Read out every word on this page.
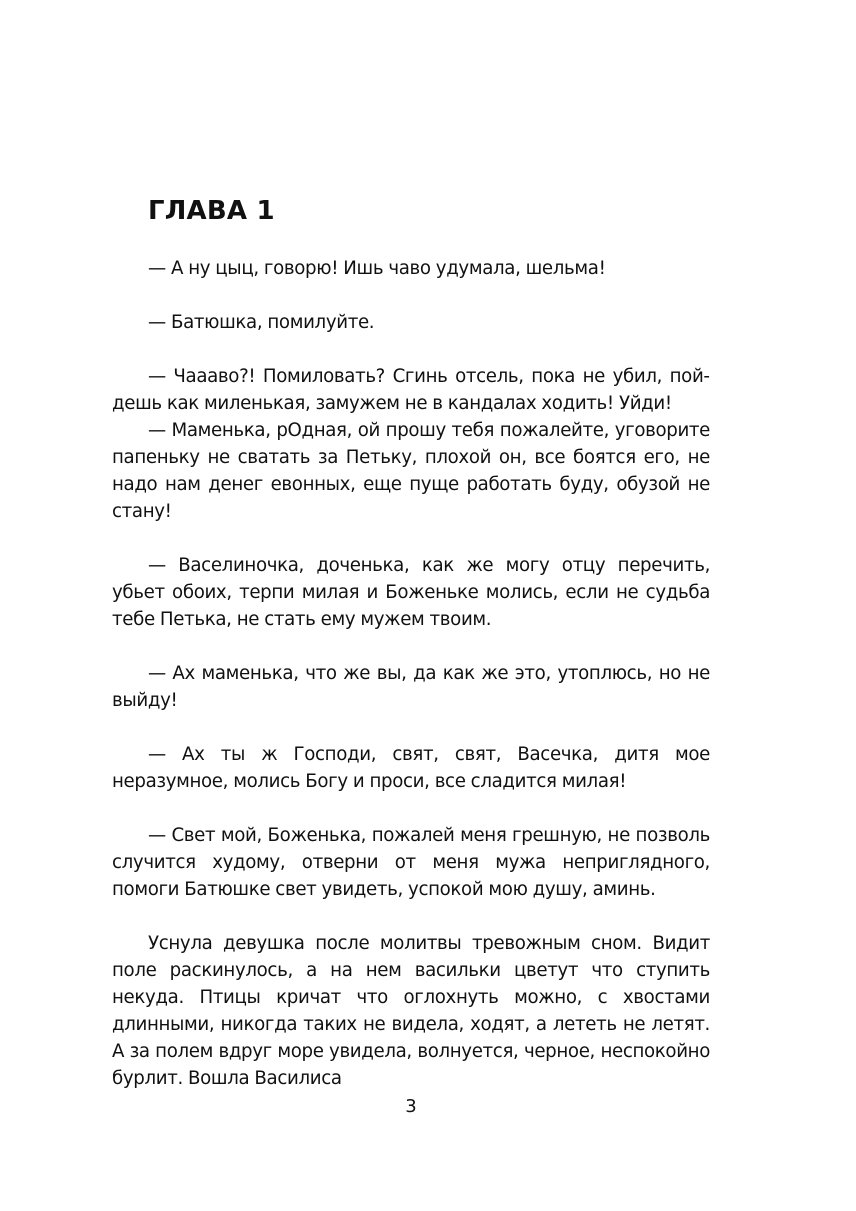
ГЛАВА 1

— А ну цыц, говорю! Ишь чаво удумала, шельма!

— Батюшка, помилуйте.

— Чаааво?! Помиловать? Сгинь отсель, пока не убил, пойдешь как миленькая, замужем не в кандалах ходить! Уйди!

— Маменька, рОдная, ой прошу тебя пожалейте, уговорите папеньку не сватать за Петьку, плохой он, все боятся его, не надо нам денег евонных, еще пуще работать буду, обузой не стану!

— Васелиночка, доченька, как же могу отцу перечить, убьет обоих, терпи милая и Боженьке молись, если не судьба тебе Петька, не стать ему мужем твоим.

— Ах маменька, что же вы, да как же это, утоплюсь, но не выйду!

— Ах ты ж Господи, свят, свят, Васечка, дитя мое неразумное, молись Богу и проси, все сладится милая!

— Свет мой, Боженька, пожалей меня грешную, не позволь случится худому, отверни от меня мужа неприглядного, помоги Батюшке свет увидеть, успокой мою душу, аминь.

Уснула девушка после молитвы тревожным сном. Видит поле раскинулось, а на нем васильки цветут что ступить некуда. Птицы кричат что оглохнуть можно, с хвостами длинными, никогда таких не видела, ходят, а лететь не летят. А за полем вдруг море увидела, волнуется, черное, неспокойно бурлит. Вошла Василиса

3
